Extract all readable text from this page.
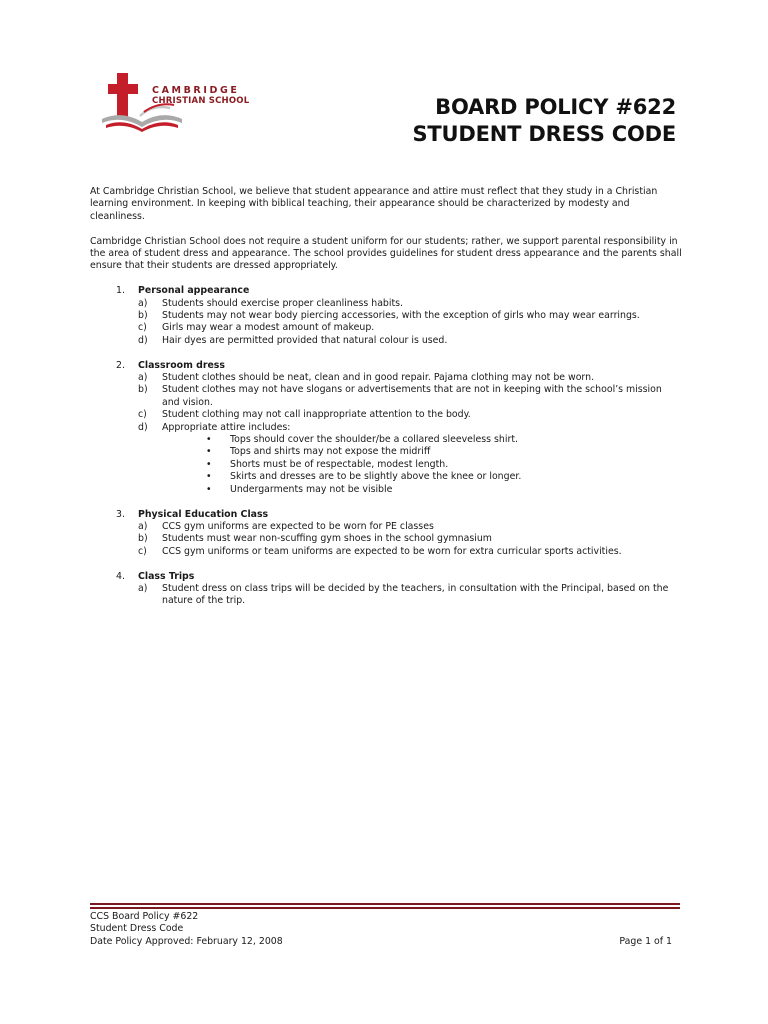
CAMBRIDGE
CHRISTIAN SCHOOL	BOARD POLICY #622
STUDENT DRESS CODE

At Cambridge Christian School, we believe that student appearance and attire must reflect that they study in a Christian learning environment. In keeping with biblical teaching, their appearance should be characterized by modesty and cleanliness.

Cambridge Christian School does not require a student uniform for our students; rather, we support parental responsibility in the area of student dress and appearance. The school provides guidelines for student dress appearance and the parents shall ensure that their students are dressed appropriately.

1. Personal appearance
a) Students should exercise proper cleanliness habits.
b) Students may not wear body piercing accessories, with the exception of girls who may wear earrings.
c) Girls may wear a modest amount of makeup.
d) Hair dyes are permitted provided that natural colour is used.
2. Classroom dress
a) Student clothes should be neat, clean and in good repair. Pajama clothing may not be worn.
b) Student clothes may not have slogans or advertisements that are not in keeping with the school’s mission and vision.
c) Student clothing may not call inappropriate attention to the body.
d) Appropriate attire includes:
• Tops should cover the shoulder/be a collared sleeveless shirt.
• Tops and shirts may not expose the midriff
• Shorts must be of respectable, modest length.
• Skirts and dresses are to be slightly above the knee or longer.
• Undergarments may not be visible
3. Physical Education Class
a) CCS gym uniforms are expected to be worn for PE classes
b) Students must wear non-scuffing gym shoes in the school gymnasium
c) CCS gym uniforms or team uniforms are expected to be worn for extra curricular sports activities.
4. Class Trips
a) Student dress on class trips will be decided by the teachers, in consultation with the Principal, based on the nature of the trip.
CCS Board Policy #622
Student Dress Code
Date Policy Approved: February 12, 2008	Page 1 of 1
